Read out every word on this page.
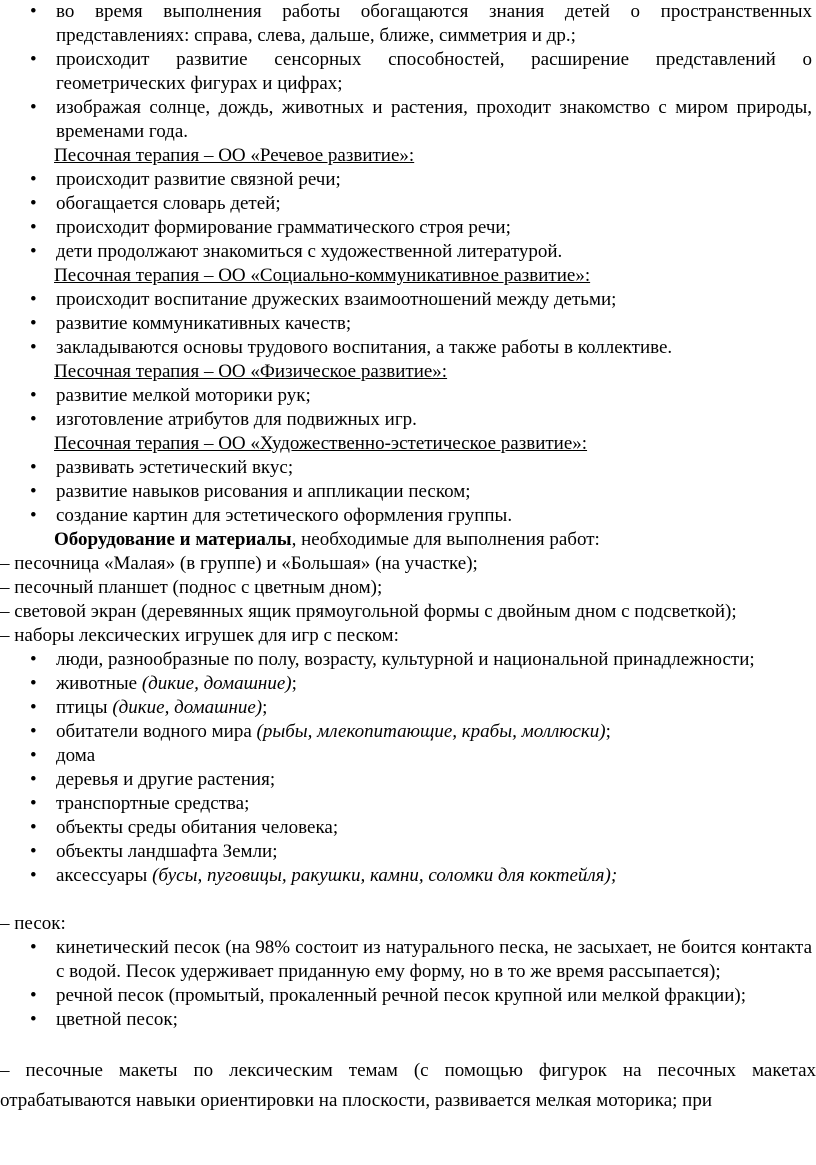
• во время выполнения работы обогащаются знания детей о пространственных представлениях: справа, слева, дальше, ближе, симметрия и др.;

• происходит развитие сенсорных способностей, расширение представлений о геометрических фигурах и цифрах;

• изображая солнце, дождь, животных и растения, проходит знакомство с миром природы, временами года.

Песочная терапия – ОО «Речевое развитие»:

• происходит развитие связной речи;

• обогащается словарь детей;

• происходит формирование грамматического строя речи;

• дети продолжают знакомиться с художественной литературой.

Песочная терапия – ОО «Социально-коммуникативное развитие»:

• происходит воспитание дружеских взаимоотношений между детьми;

• развитие коммуникативных качеств;

• закладываются основы трудового воспитания, а также работы в коллективе.

Песочная терапия – ОО «Физическое развитие»:

• развитие мелкой моторики рук;

• изготовление атрибутов для подвижных игр.

Песочная терапия – ОО «Художественно-эстетическое развитие»:

• развивать эстетический вкус;

• развитие навыков рисования и аппликации песком;

• создание картин для эстетического оформления группы.

Оборудование и материалы, необходимые для выполнения работ:

– песочница «Малая» (в группе) и «Большая» (на участке);

– песочный планшет (поднос с цветным дном);

– световой экран (деревянных ящик прямоугольной формы с двойным дном с подсветкой);

– наборы лексических игрушек для игр с песком:

• люди, разнообразные по полу, возрасту, культурной и национальной принадлежности;

• животные (дикие, домашние);

• птицы (дикие, домашние);

• обитатели водного мира (рыбы, млекопитающие, крабы, моллюски);

• дома

• деревья и другие растения;

• транспортные средства;

• объекты среды обитания человека;

• объекты ландшафта Земли;

• аксессуары (бусы, пуговицы, ракушки, камни, соломки для коктейля);

– песок:

• кинетический песок (на 98% состоит из натурального песка, не засыхает, не боится контакта с водой. Песок удерживает приданную ему форму, но в то же время рассыпается);

• речной песок (промытый, прокаленный речной песок крупной или мелкой фракции);

• цветной песок;

– песочные макеты по лексическим темам (с помощью фигурок на песочных макетах отрабатываются навыки ориентировки на плоскости, развивается мелкая моторика; при
